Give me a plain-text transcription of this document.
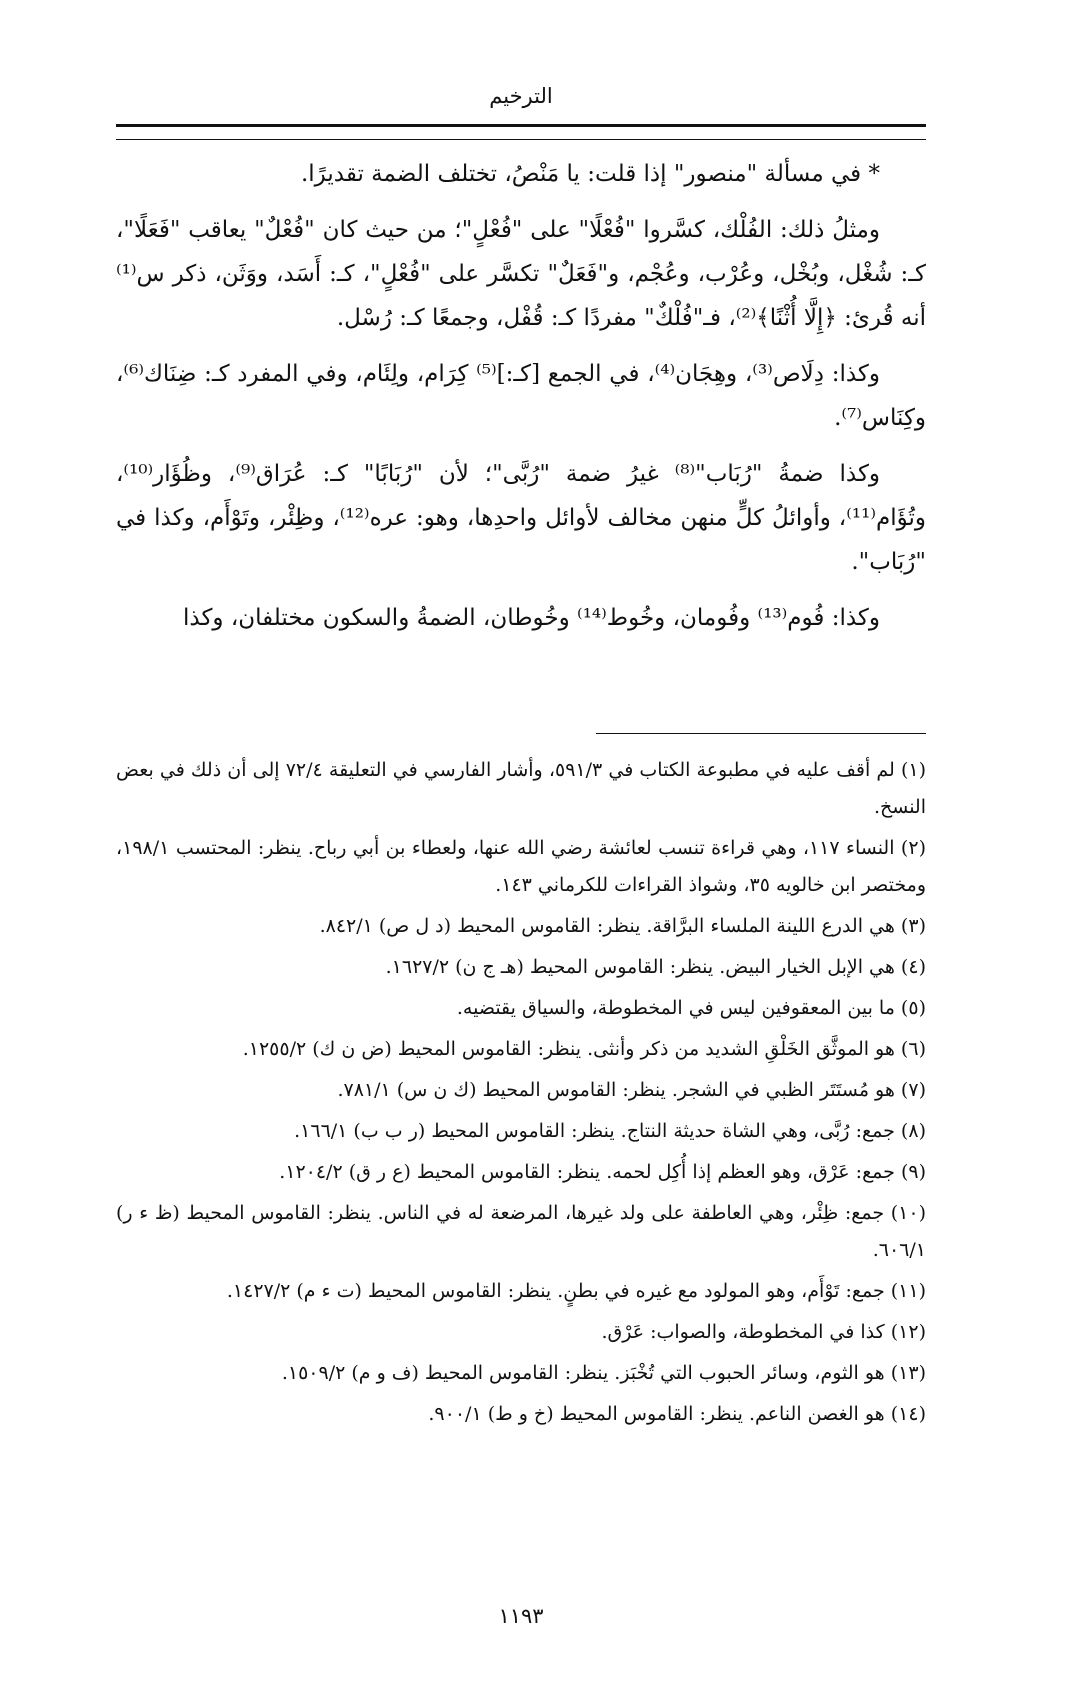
الترخيم

* في مسألة "منصور" إذا قلت: يا مَنْصُ، تختلف الضمة تقديرًا.

ومثلُ ذلك: الفُلْك، كسَّروا "فُعْلًا" على "فُعْلٍ"؛ من حيث كان "فُعْلٌ" يعاقب "فَعَلًا"، كـ: شُغْل، وبُخْل، وعُرْب، وعُجْم، و"فَعَلٌ" تكسَّر على "فُعْلٍ"، كـ: أَسَد، ووَثَن، ذكر س⁽¹⁾ أنه قُرئ: ﴿إِلَّا أُثْنًا﴾⁽²⁾، فـ"فُلْكٌ" مفردًا كـ: قُفْل، وجمعًا كـ: رُسْل.

وكذا: دِلَاص⁽³⁾، وهِجَان⁽⁴⁾، في الجمع [كـ:]⁽⁵⁾ كِرَام، ولِئَام، وفي المفرد كـ: ضِنَاك⁽⁶⁾، وكِنَاس⁽⁷⁾.

وكذا ضمةُ "رُبَاب"⁽⁸⁾ غيرُ ضمة "رُبَّى"؛ لأن "رُبَابًا" كـ: عُرَاق⁽⁹⁾، وظُؤَار⁽¹⁰⁾، وتُؤَام⁽¹¹⁾، وأوائلُ كلٍّ منهن مخالف لأوائل واحدِها، وهو: عره⁽¹²⁾، وظِئْر، وتَوْأَم، وكذا في "رُبَاب".

وكذا: فُوم⁽¹³⁾ وفُومان، وخُوط⁽¹⁴⁾ وخُوطان، الضمةُ والسكون مختلفان، وكذا

(١) لم أقف عليه في مطبوعة الكتاب في ٥٩١/٣، وأشار الفارسي في التعليقة ٧٢/٤ إلى أن ذلك في بعض النسخ.

(٢) النساء ١١٧، وهي قراءة تنسب لعائشة رضي الله عنها، ولعطاء بن أبي رباح. ينظر: المحتسب ١٩٨/١، ومختصر ابن خالويه ٣٥، وشواذ القراءات للكرماني ١٤٣.

(٣) هي الدرع اللينة الملساء البرَّاقة. ينظر: القاموس المحيط (د ل ص) ٨٤٢/١.

(٤) هي الإبل الخيار البيض. ينظر: القاموس المحيط (هـ ج ن) ١٦٢٧/٢.

(٥) ما بين المعقوفين ليس في المخطوطة، والسياق يقتضيه.

(٦) هو الموثَّق الخَلْقِ الشديد من ذكر وأنثى. ينظر: القاموس المحيط (ض ن ك) ١٢٥٥/٢.

(٧) هو مُستَتَر الظبي في الشجر. ينظر: القاموس المحيط (ك ن س) ٧٨١/١.

(٨) جمع: رُبَّى، وهي الشاة حديثة النتاج. ينظر: القاموس المحيط (ر ب ب) ١٦٦/١.

(٩) جمع: عَرْق، وهو العظم إذا أُكِل لحمه. ينظر: القاموس المحيط (ع ر ق) ١٢٠٤/٢.

(١٠) جمع: ظِئْر، وهي العاطفة على ولد غيرها، المرضعة له في الناس. ينظر: القاموس المحيط (ظ ء ر) ٦٠٦/١.

(١١) جمع: تَوْأَم، وهو المولود مع غيره في بطنٍ. ينظر: القاموس المحيط (ت ء م) ١٤٢٧/٢.

(١٢) كذا في المخطوطة، والصواب: عَرْق.

(١٣) هو الثوم، وسائر الحبوب التي تُخْبَز. ينظر: القاموس المحيط (ف و م) ١٥٠٩/٢.

(١٤) هو الغصن الناعم. ينظر: القاموس المحيط (خ و ط) ٩٠٠/١.

١١٩٣
